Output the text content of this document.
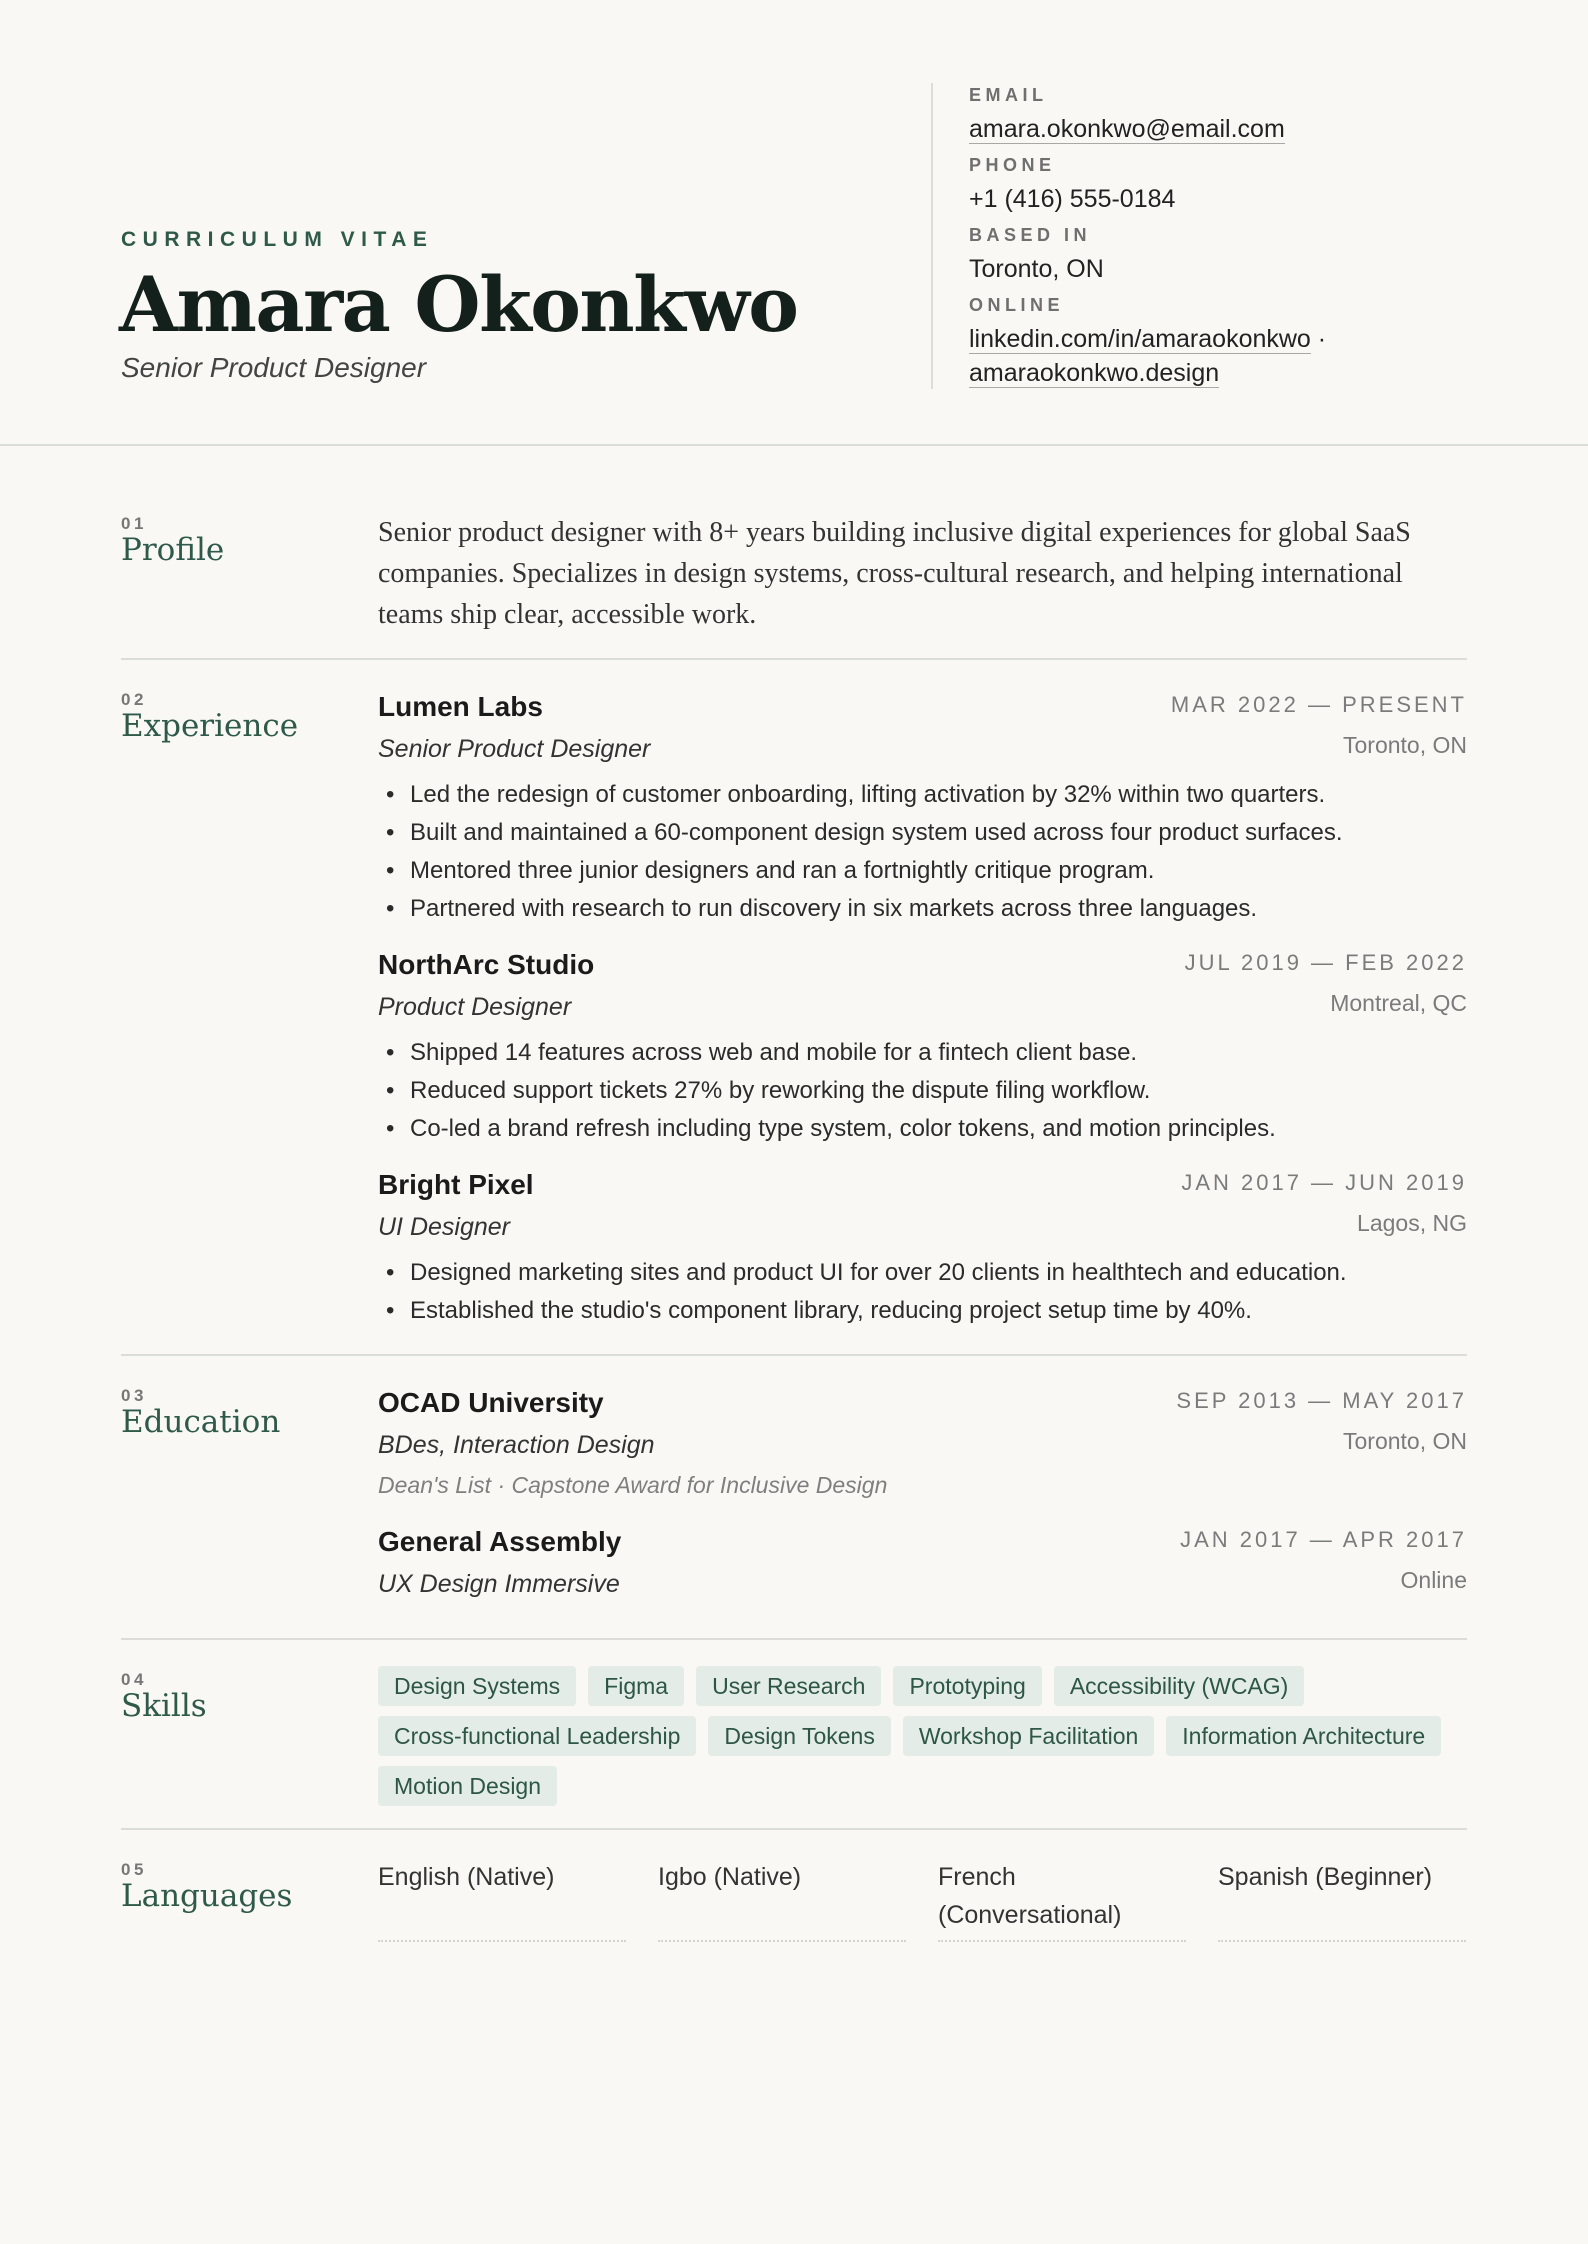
CURRICULUM VITAE
Amara Okonkwo
Senior Product Designer
EMAIL
amara.okonkwo@email.com
PHONE
+1 (416) 555-0184
BASED IN
Toronto, ON
ONLINE
linkedin.com/in/amaraokonkwo ·
amaraokonkwo.design
01
Profile	Senior product designer with 8+ years building inclusive digital experiences for global SaaS companies. Specializes in design systems, cross-cultural research, and helping international teams ship clear, accessible work.
02
Experience
Lumen Labs	MAR 2022 — PRESENT
Senior Product Designer	Toronto, ON
• Led the redesign of customer onboarding, lifting activation by 32% within two quarters.
• Built and maintained a 60-component design system used across four product surfaces.
• Mentored three junior designers and ran a fortnightly critique program.
• Partnered with research to run discovery in six markets across three languages.
NorthArc Studio	JUL 2019 — FEB 2022
Product Designer	Montreal, QC
• Shipped 14 features across web and mobile for a fintech client base.
• Reduced support tickets 27% by reworking the dispute filing workflow.
• Co-led a brand refresh including type system, color tokens, and motion principles.
Bright Pixel	JAN 2017 — JUN 2019
UI Designer	Lagos, NG
• Designed marketing sites and product UI for over 20 clients in healthtech and education.
• Established the studio's component library, reducing project setup time by 40%.
03
Education
OCAD University	SEP 2013 — MAY 2017
BDes, Interaction Design	Toronto, ON
Dean's List · Capstone Award for Inclusive Design
General Assembly	JAN 2017 — APR 2017
UX Design Immersive	Online
04
Skills
Design Systems	Figma	User Research	Prototyping	Accessibility (WCAG)
Cross-functional Leadership	Design Tokens	Workshop Facilitation	Information Architecture
Motion Design
05
Languages
English (Native)	Igbo (Native)	French (Conversational)
Spanish (Beginner)
